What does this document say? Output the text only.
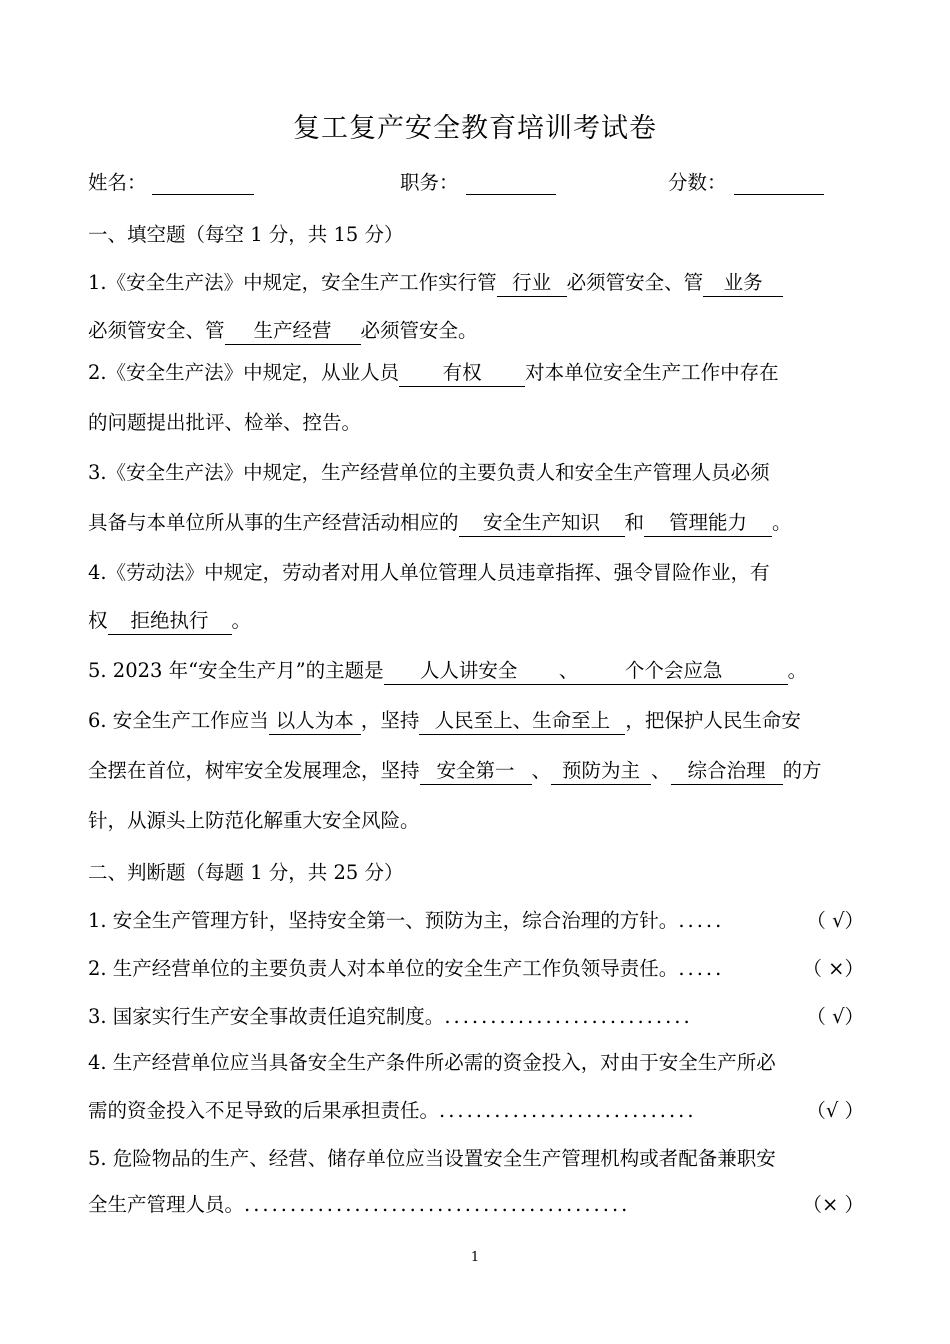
复工复产安全教育培训考试卷
姓名：	职务：	分数：
一、填空题（每空 1 分，共 15 分）
1.《安全生产法》中规定，安全生产工作实行管 行业 必须管安全、管 业务
必须管安全、管 生产经营 必须管安全。
2.《安全生产法》中规定，从业人员 有权 对本单位安全生产工作中存在
的问题提出批评、检举、控告。
3.《安全生产法》中规定，生产经营单位的主要负责人和安全生产管理人员必须
具备与本单位所从事的生产经营活动相应的 安全生产知识 和 管理能力 。
4.《劳动法》中规定，劳动者对用人单位管理人员违章指挥、强令冒险作业，有
权 拒绝执行 。
5. 2023 年“安全生产月”的主题是 人人讲安全 、 个个会应急	。
6. 安全生产工作应当 以人为本 ，坚持 人民至上、生命至上 ，把保护人民生命安
全摆在首位，树牢安全发展理念，坚持 安全第一 、 预防为主 、 综合治理 的方
针，从源头上防范化解重大安全风险。
二、判断题（每题 1 分，共 25 分）
1. 安全生产管理方针，坚持安全第一、预防为主，综合治理的方针。 .....	（ √）
2. 生产经营单位的主要负责人对本单位的安全生产工作负领导责任。 .....	（ ×）
3. 国家实行生产安全事故责任追究制度。 ...........................	（ √）
4. 生产经营单位应当具备安全生产条件所必需的资金投入，对由于安全生产所必
需的资金投入不足导致的后果承担责任。 ............................	（√ ）
5. 危险物品的生产、经营、储存单位应当设置安全生产管理机构或者配备兼职安
全生产管理人员。 ..........................................	（× ）
1
